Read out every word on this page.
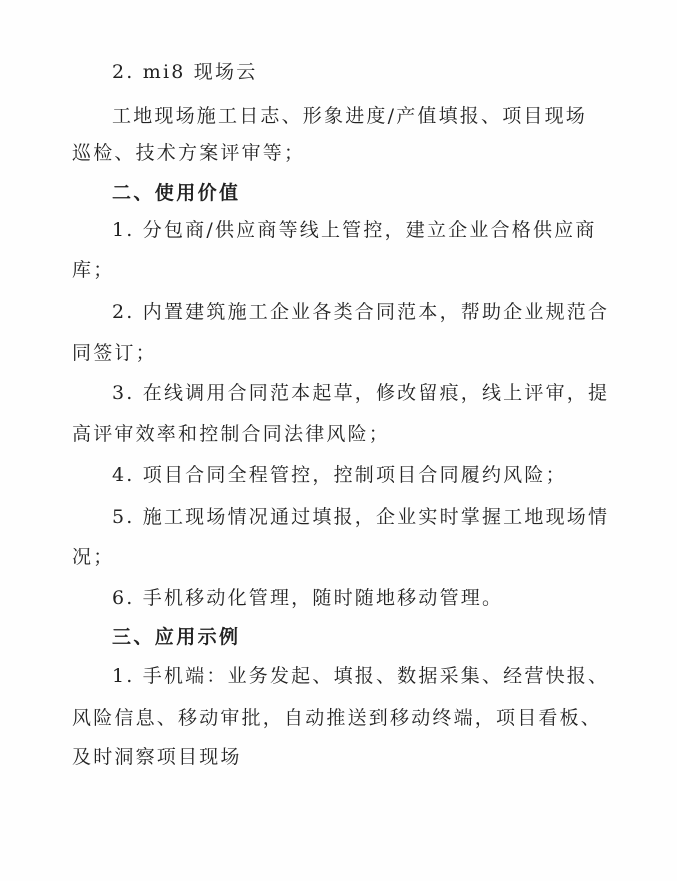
2. mi8 现场云
工地现场施工日志、形象进度/产值填报、项目现场
巡检、技术方案评审等；
二、使用价值
1. 分包商/供应商等线上管控，建立企业合格供应商
库；
2. 内置建筑施工企业各类合同范本，帮助企业规范合
同签订；
3. 在线调用合同范本起草，修改留痕，线上评审，提
高评审效率和控制合同法律风险；
4. 项目合同全程管控，控制项目合同履约风险；
5. 施工现场情况通过填报，企业实时掌握工地现场情
况；
6. 手机移动化管理，随时随地移动管理。
三、应用示例
1. 手机端：业务发起、填报、数据采集、经营快报、
风险信息、移动审批，自动推送到移动终端，项目看板、
及时洞察项目现场
